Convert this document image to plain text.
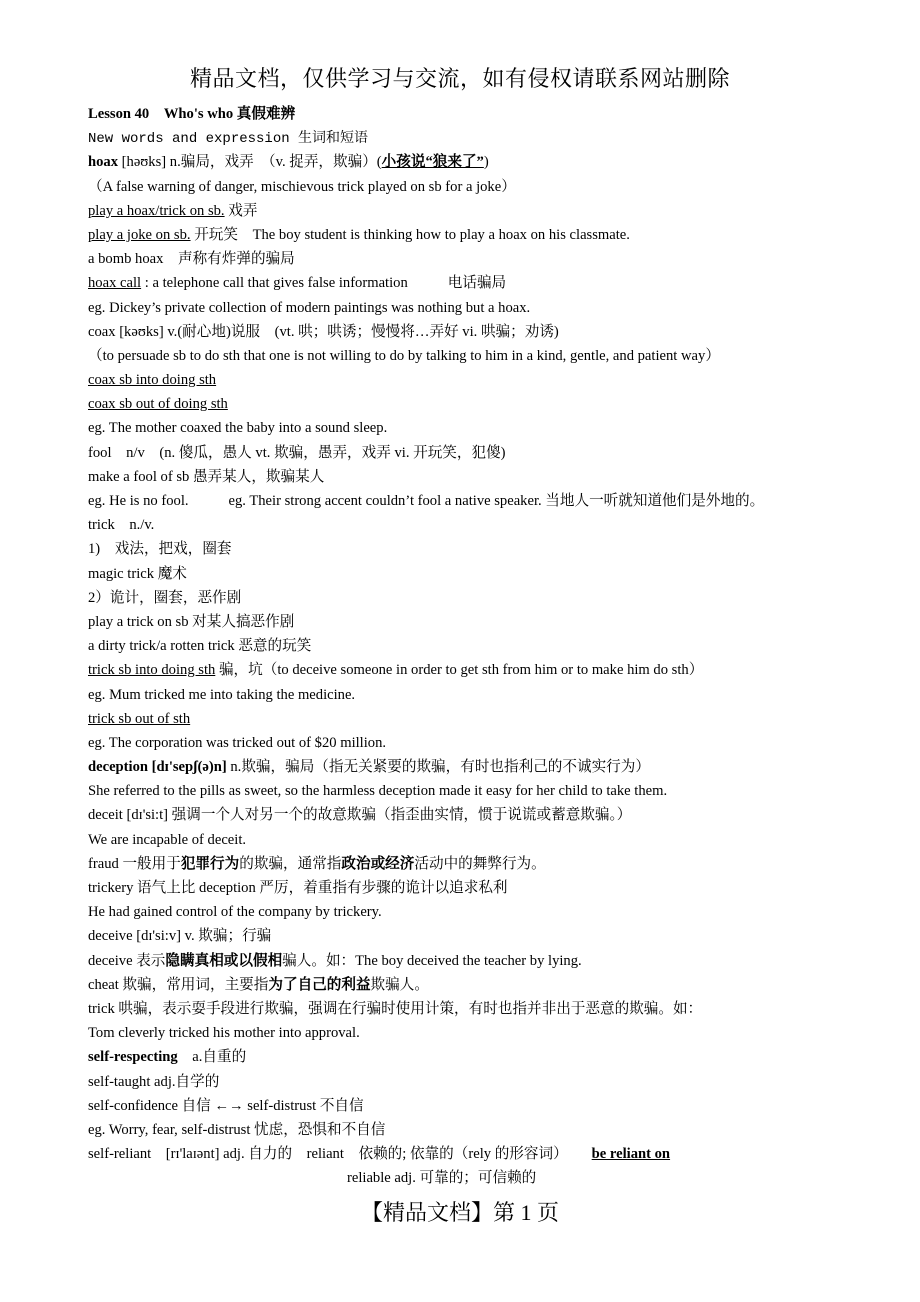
精品文档，仅供学习与交流，如有侵权请联系网站删除
Lesson 40　Who's who 真假难辨
New words and expression 生词和短语
hoax [həʊks] n.骗局，戏弄　（v. 捉弄，欺骗）(小孩说“狼来了”)
（A false warning of danger, mischievous trick played on sb for a joke）
play a hoax/trick on sb. 戏弄
play a joke on sb. 开玩笑　The boy student is thinking how to play a hoax on his classmate.
a bomb hoax　声称有炸弹的骗局
hoax call : a telephone call that gives false information	电话骗局
eg. Dickey’s private collection of modern paintings was nothing but a hoax.
coax [kəʊks] v.(耐心地)说服　(vt. 哄；哄诱；慢慢将…弄好 vi. 哄骗；劝诱)
（to persuade sb to do sth that one is not willing to do by talking to him in a kind, gentle, and patient way）
coax sb into doing sth
coax sb out of doing sth
eg. The mother coaxed the baby into a sound sleep.
fool　n/v　(n. 傻瓜，愚人 vt. 欺骗，愚弄，戏弄 vi. 开玩笑，犯傻)
make a fool of sb 愚弄某人，欺骗某人
eg. He is no fool.	eg. Their strong accent couldn’t fool a native speaker. 当地人一听就知道他们是外地的。
trick　n./v.
1)　戏法，把戏，圈套
magic trick 魔术
2）诡计，圈套，恶作剧
play a trick on sb 对某人搞恶作剧
a dirty trick/a rotten trick 恶意的玩笑
trick sb into doing sth 骗，坑（to deceive someone in order to get sth from him or to make him do sth）
eg. Mum tricked me into taking the medicine.
trick sb out of sth
eg. The corporation was tricked out of $20 million.
deception [dɪ'sepʃ(ə)n] n.欺骗，骗局（指无关紧要的欺骗，有时也指利己的不诚实行为）
She referred to the pills as sweet, so the harmless deception made it easy for her child to take them.
deceit [dɪ'si:t] 强调一个人对另一个的故意欺骗（指歪曲实情，惯于说谎或蓄意欺骗。）
We are incapable of deceit.
fraud 一般用于犯罪行为的欺骗，通常指政治或经济活动中的舞弊行为。
trickery 语气上比 deception 严厉，着重指有步骤的诡计以追求私利
He had gained control of the company by trickery.
deceive [dɪ'si:v] v. 欺骗；行骗
deceive 表示隐瞒真相或以假相骗人。如：The boy deceived the teacher by lying.
cheat 欺骗，常用词，主要指为了自己的利益欺骗人。
trick 哄骗，表示耍手段进行欺骗，强调在行骗时使用计策，有时也指并非出于恶意的欺骗。如：
Tom cleverly tricked his mother into approval.
self-respecting　a.自重的
self-taught adj.自学的
self-confidence 自信 ←→ self-distrust 不自信
eg. Worry, fear, self-distrust 忧虑，恐惧和不自信
self-reliant　[rɪ'laɪənt] adj. 自力的　reliant　依赖的; 依靠的（rely 的形容词） be reliant on
reliable adj. 可靠的；可信赖的
【精品文档】第 1 页
